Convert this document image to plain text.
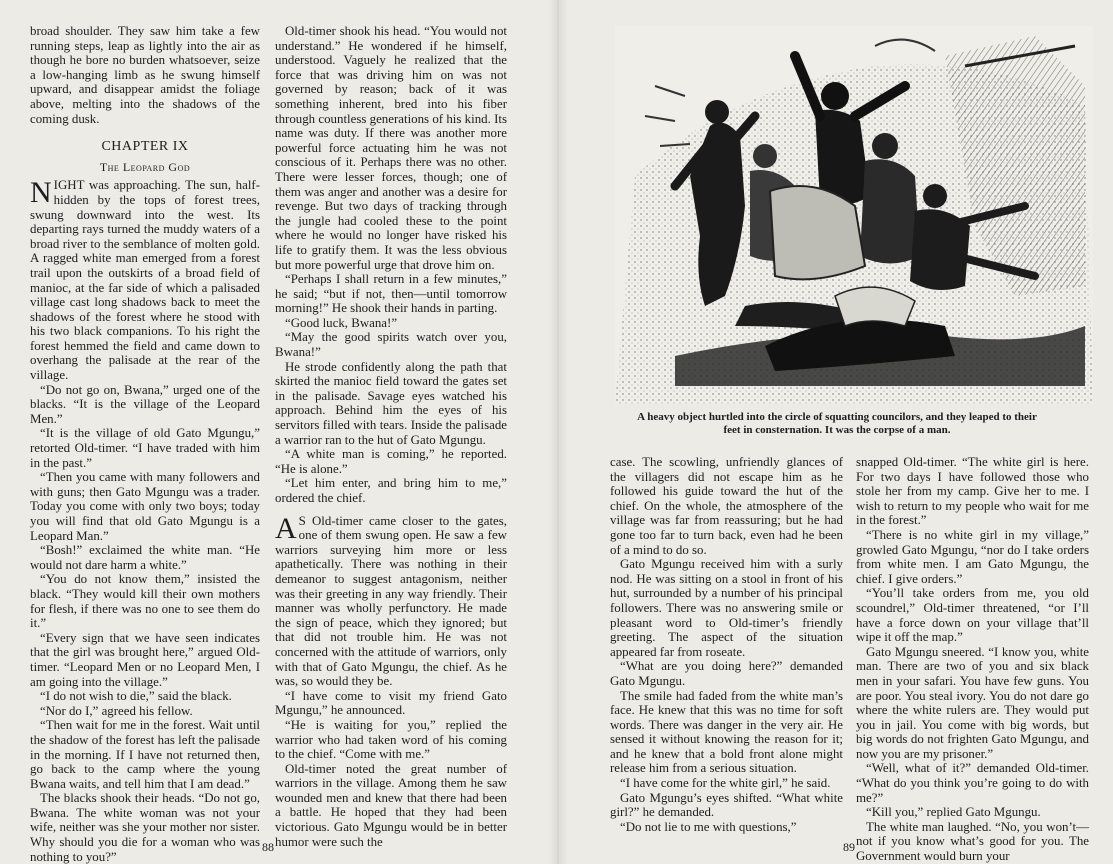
broad shoulder. They saw him take a few running steps, leap as lightly into the air as though he bore no burden whatsoever, seize a low-hanging limb as he swung himself upward, and disappear amidst the foliage above, melting into the shadows of the coming dusk.

CHAPTER IX
The Leopard God

NIGHT was approaching. The sun, half-hidden by the tops of forest trees, swung downward into the west. Its departing rays turned the muddy waters of a broad river to the semblance of molten gold. A ragged white man emerged from a forest trail upon the outskirts of a broad field of manioc, at the far side of which a palisaded village cast long shadows back to meet the shadows of the forest where he stood with his two black companions. To his right the forest hemmed the field and came down to overhang the palisade at the rear of the village.

“Do not go on, Bwana,” urged one of the blacks. “It is the village of the Leopard Men.”

“It is the village of old Gato Mgungu,” retorted Old-timer. “I have traded with him in the past.”

“Then you came with many followers and with guns; then Gato Mgungu was a trader. Today you come with only two boys; today you will find that old Gato Mgungu is a Leopard Man.”

“Bosh!” exclaimed the white man. “He would not dare harm a white.”

“You do not know them,” insisted the black. “They would kill their own mothers for flesh, if there was no one to see them do it.”

“Every sign that we have seen indicates that the girl was brought here,” argued Old-timer. “Leopard Men or no Leopard Men, I am going into the village.”

“I do not wish to die,” said the black.

“Nor do I,” agreed his fellow.

“Then wait for me in the forest. Wait until the shadow of the forest has left the palisade in the morning. If I have not returned then, go back to the camp where the young Bwana waits, and tell him that I am dead.”

The blacks shook their heads. “Do not go, Bwana. The white woman was not your wife, neither was she your mother nor sister. Why should you die for a woman who was nothing to you?”

Old-timer shook his head. “You would not understand.” He wondered if he himself, understood. Vaguely he realized that the force that was driving him on was not governed by reason; back of it was something inherent, bred into his fiber through countless generations of his kind. Its name was duty. If there was another more powerful force actuating him he was not conscious of it. Perhaps there was no other. There were lesser forces, though; one of them was anger and another was a desire for revenge. But two days of tracking through the jungle had cooled these to the point where he would no longer have risked his life to gratify them. It was the less obvious but more powerful urge that drove him on.

“Perhaps I shall return in a few minutes,” he said; “but if not, then—until tomorrow morning!” He shook their hands in parting.

“Good luck, Bwana!”

“May the good spirits watch over you, Bwana!”

He strode confidently along the path that skirted the manioc field toward the gates set in the palisade. Savage eyes watched his approach. Behind him the eyes of his servitors filled with tears. Inside the palisade a warrior ran to the hut of Gato Mgungu.

“A white man is coming,” he reported. “He is alone.”

“Let him enter, and bring him to me,” ordered the chief.

A S Old-timer came closer to the gates, one of them swung open. He saw a few warriors surveying him more or less apathetically. There was nothing in their demeanor to suggest antagonism, neither was their greeting in any way friendly. Their manner was wholly perfunctory. He made the sign of peace, which they ignored; but that did not trouble him. He was not concerned with the attitude of warriors, only with that of Gato Mgungu, the chief. As he was, so would they be.

“I have come to visit my friend Gato Mgungu,” he announced.

“He is waiting for you,” replied the warrior who had taken word of his coming to the chief. “Come with me.”

Old-timer noted the great number of warriors in the village. Among them he saw wounded men and knew that there had been a battle. He hoped that they had been victorious. Gato Mgungu would be in better humor were such the

88
A heavy object hurtled into the circle of squatting councilors, and they leaped to their feet in consternation. It was the corpse of a man.

case. The scowling, unfriendly glances of the villagers did not escape him as he followed his guide toward the hut of the chief. On the whole, the atmosphere of the village was far from reassuring; but he had gone too far to turn back, even had he been of a mind to do so.

Gato Mgungu received him with a surly nod. He was sitting on a stool in front of his hut, surrounded by a number of his principal followers. There was no answering smile or pleasant word to Old-timer’s friendly greeting. The aspect of the situation appeared far from roseate.

“What are you doing here?” demanded Gato Mgungu.

The smile had faded from the white man’s face. He knew that this was no time for soft words. There was danger in the very air. He sensed it without knowing the reason for it; and he knew that a bold front alone might release him from a serious situation.

“I have come for the white girl,” he said.

Gato Mgungu’s eyes shifted. “What white girl?” he demanded.

“Do not lie to me with questions,”

snapped Old-timer. “The white girl is here. For two days I have followed those who stole her from my camp. Give her to me. I wish to return to my people who wait for me in the forest.”

“There is no white girl in my village,” growled Gato Mgungu, “nor do I take orders from white men. I am Gato Mgungu, the chief. I give orders.”

“You’ll take orders from me, you old scoundrel,” Old-timer threatened, “or I’ll have a force down on your village that’ll wipe it off the map.”

Gato Mgungu sneered. “I know you, white man. There are two of you and six black men in your safari. You have few guns. You are poor. You steal ivory. You do not dare go where the white rulers are. They would put you in jail. You come with big words, but big words do not frighten Gato Mgungu, and now you are my prisoner.”

“Well, what of it?” demanded Old-timer. “What do you think you’re going to do with me?”

“Kill you,” replied Gato Mgungu.

The white man laughed. “No, you won’t—not if you know what’s good for you. The Government would burn your

89
